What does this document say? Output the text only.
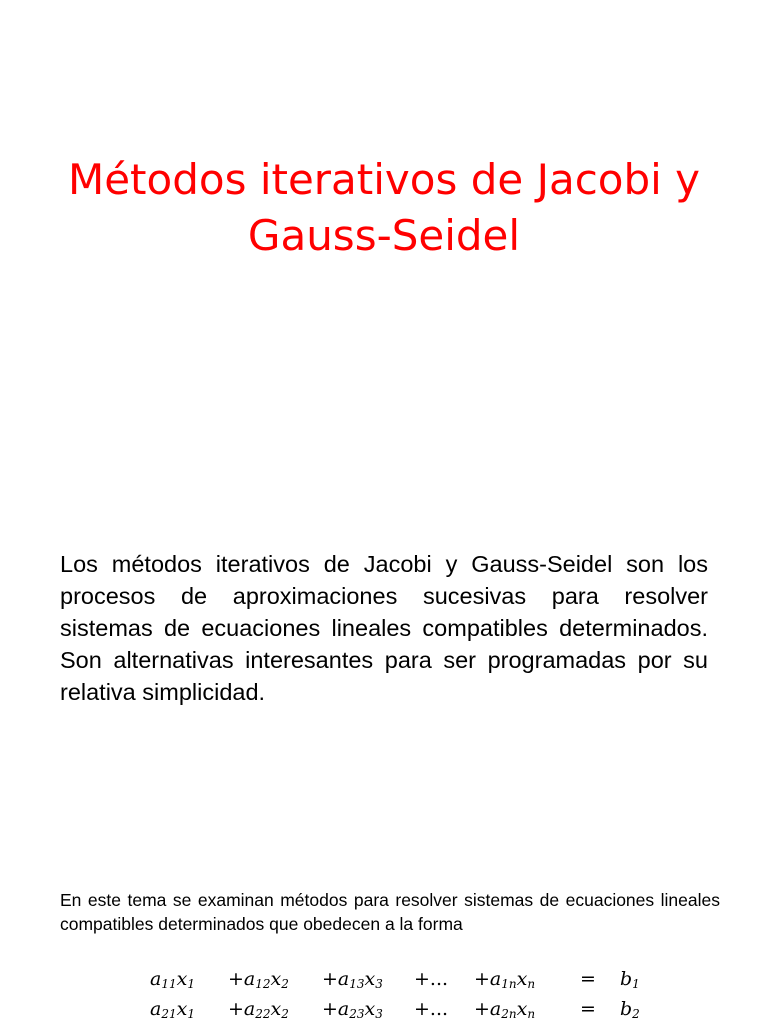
Métodos iterativos de Jacobi y
Gauss-Seidel

Los métodos iterativos de Jacobi y Gauss-Seidel son los procesos de aproximaciones sucesivas para resolver sistemas de ecuaciones lineales compatibles determinados. Son alternativas interesantes para ser programadas por su relativa simplicidad.

En este tema se examinan métodos para resolver sistemas de ecuaciones lineales compatibles determinados que obedecen a la forma

$a_{11}x_1$	$+a_{12}x_2$	$+a_{13}x_3$	+...	$+a_{1n}x_n$	=	$b_1$
$a_{21}x_1$	$+a_{22}x_2$	$+a_{23}x_3$	+...	$+a_{2n}x_n$	=	$b_2$
